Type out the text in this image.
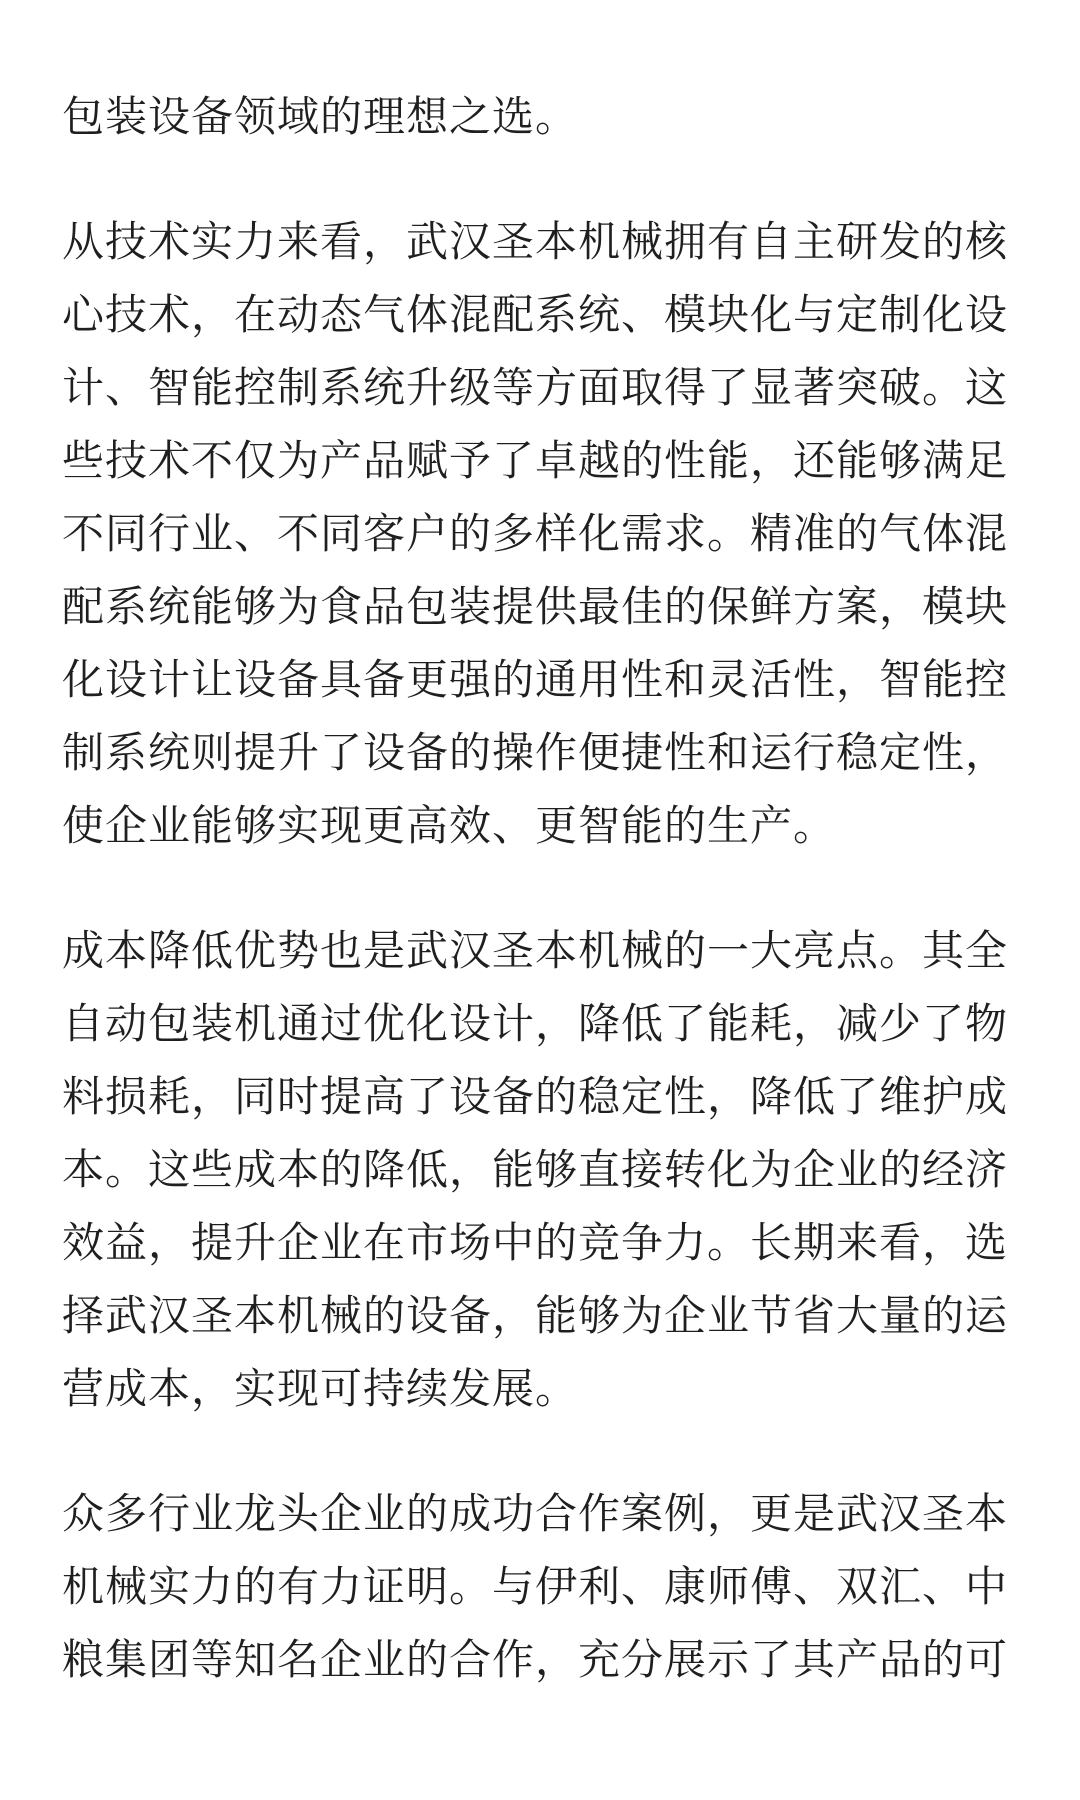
包装设备领域的理想之选。

从技术实力来看，武汉圣本机械拥有自主研发的核心技术，在动态气体混配系统、模块化与定制化设计、智能控制系统升级等方面取得了显著突破。这些技术不仅为产品赋予了卓越的性能，还能够满足不同行业、不同客户的多样化需求。精准的气体混配系统能够为食品包装提供最佳的保鲜方案，模块化设计让设备具备更强的通用性和灵活性，智能控制系统则提升了设备的操作便捷性和运行稳定性，使企业能够实现更高效、更智能的生产。

成本降低优势也是武汉圣本机械的一大亮点。其全自动包装机通过优化设计，降低了能耗，减少了物料损耗，同时提高了设备的稳定性，降低了维护成本。这些成本的降低，能够直接转化为企业的经济效益，提升企业在市场中的竞争力。长期来看，选择武汉圣本机械的设备，能够为企业节省大量的运营成本，实现可持续发展。

众多行业龙头企业的成功合作案例，更是武汉圣本机械实力的有力证明。与伊利、康师傅、双汇、中粮集团等知名企业的合作，充分展示了其产品的可
